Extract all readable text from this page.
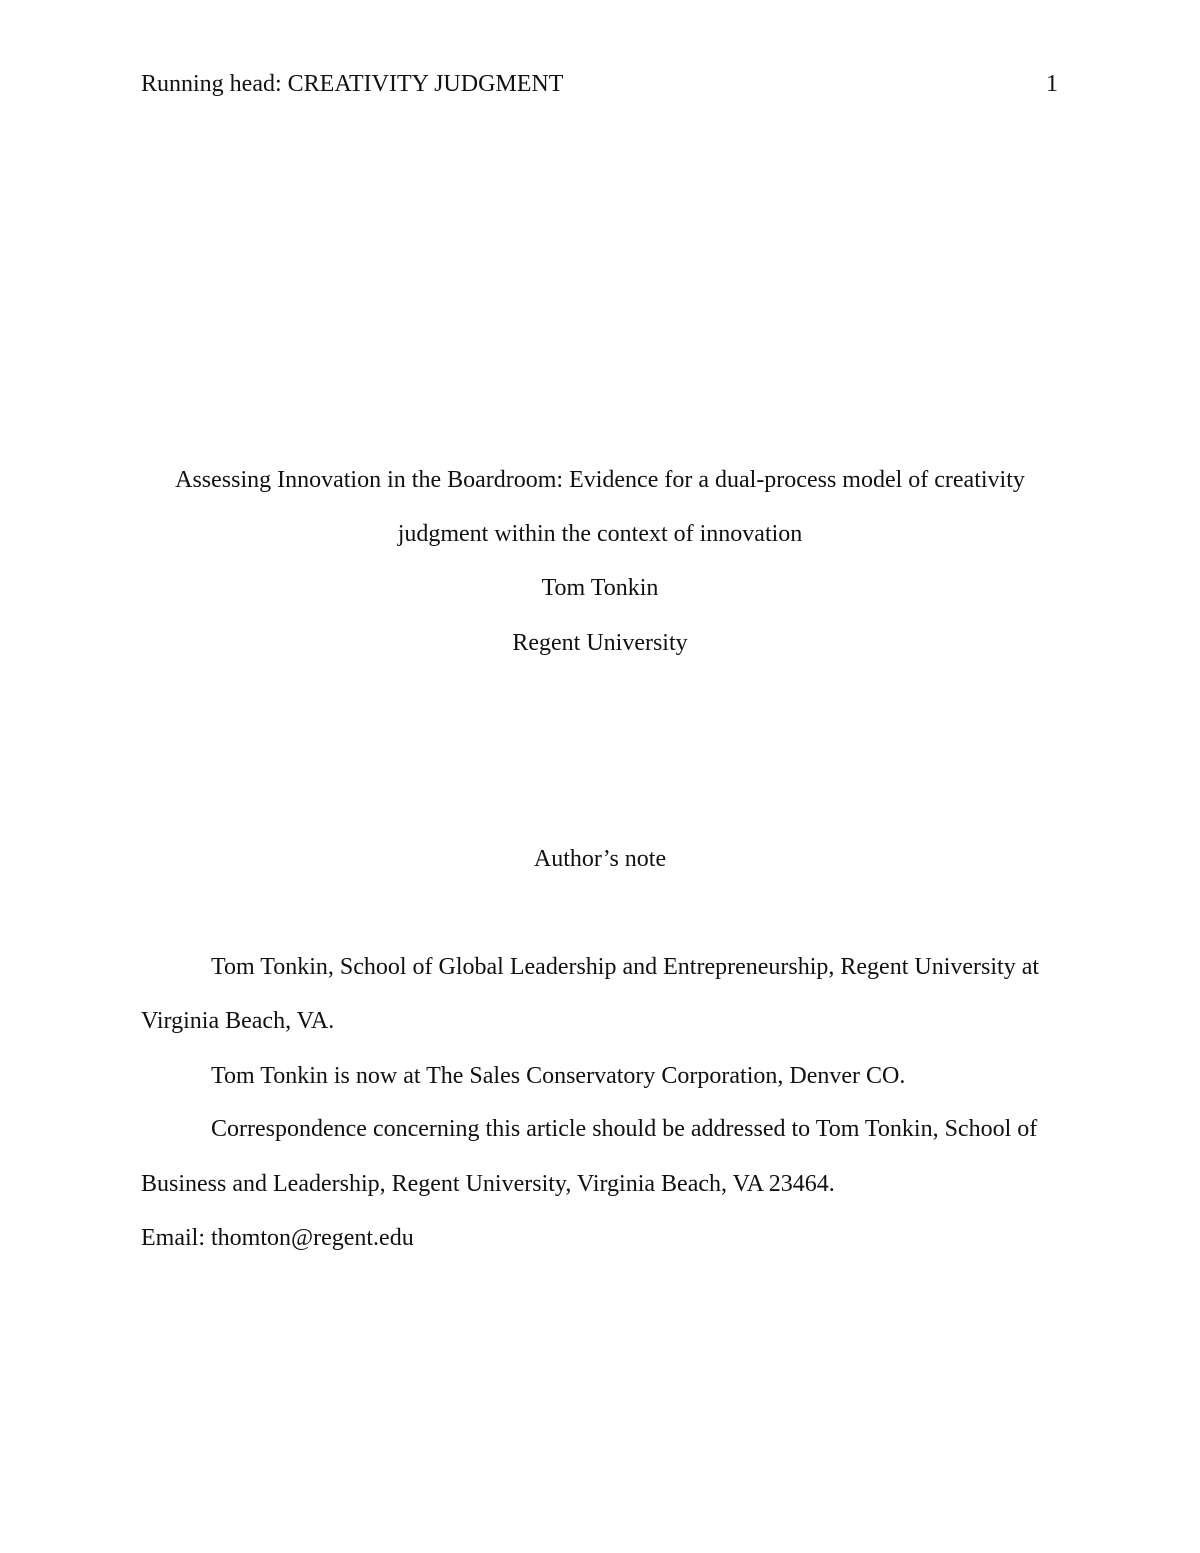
Running head: CREATIVITY JUDGMENT	1
Assessing Innovation in the Boardroom: Evidence for a dual-process model of creativity
judgment within the context of innovation
Tom Tonkin
Regent University
Author’s note
Tom Tonkin, School of Global Leadership and Entrepreneurship, Regent University at
Virginia Beach, VA.
Tom Tonkin is now at The Sales Conservatory Corporation, Denver CO.
Correspondence concerning this article should be addressed to Tom Tonkin, School of
Business and Leadership, Regent University, Virginia Beach, VA 23464.
Email: thomton@regent.edu
